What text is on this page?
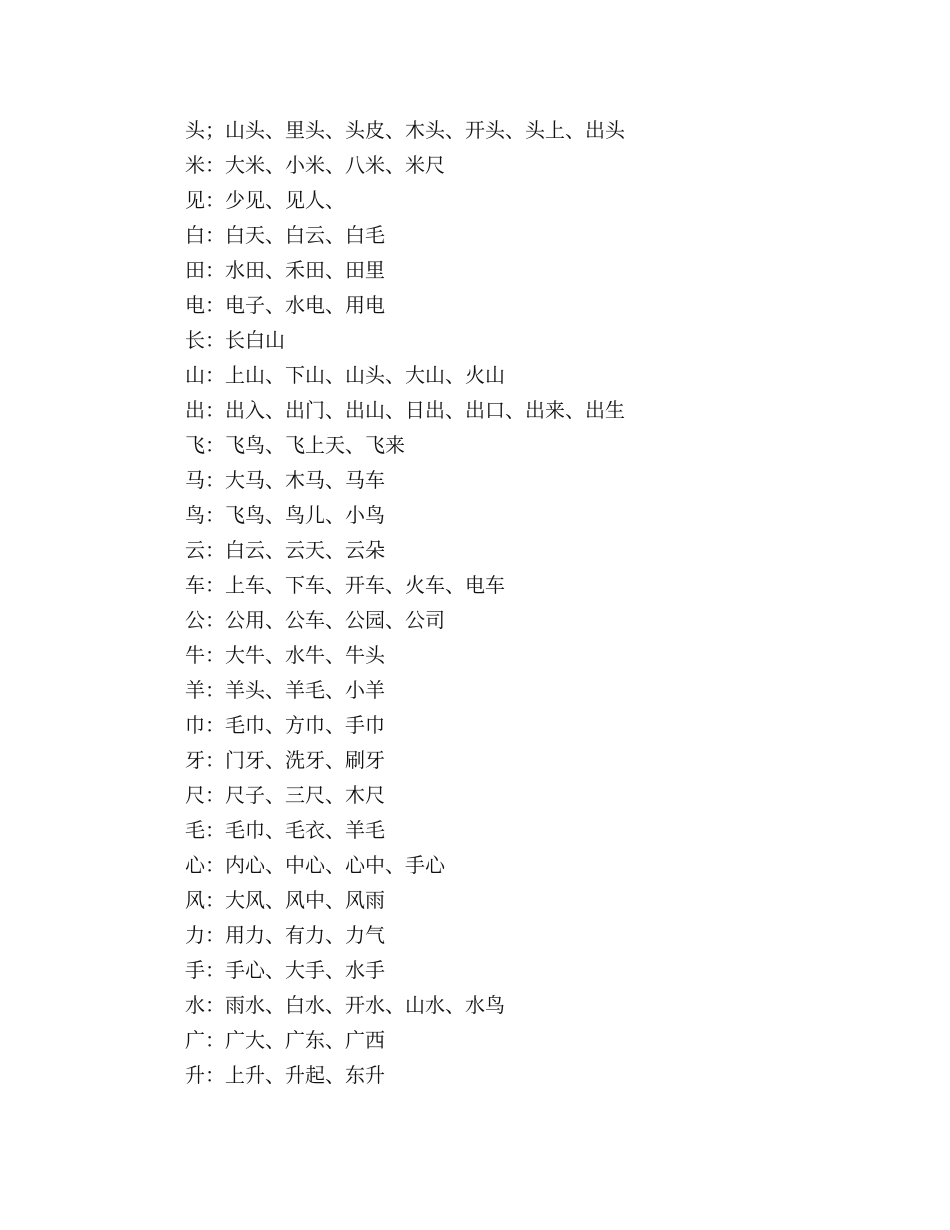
头；山头、里头、头皮、木头、开头、头上、出头
米：大米、小米、八米、米尺
见：少见、见人、
白：白天、白云、白毛
田：水田、禾田、田里
电：电子、水电、用电
长：长白山
山：上山、下山、山头、大山、火山
出：出入、出门、出山、日出、出口、出来、出生
飞：飞鸟、飞上天、飞来
马：大马、木马、马车
鸟：飞鸟、鸟儿、小鸟
云：白云、云天、云朵
车：上车、下车、开车、火车、电车
公：公用、公车、公园、公司
牛：大牛、水牛、牛头
羊：羊头、羊毛、小羊
巾：毛巾、方巾、手巾
牙：门牙、洗牙、刷牙
尺：尺子、三尺、木尺
毛：毛巾、毛衣、羊毛
心：内心、中心、心中、手心
风：大风、风中、风雨
力：用力、有力、力气
手：手心、大手、水手
水：雨水、白水、开水、山水、水鸟
广：广大、广东、广西
升：上升、升起、东升
